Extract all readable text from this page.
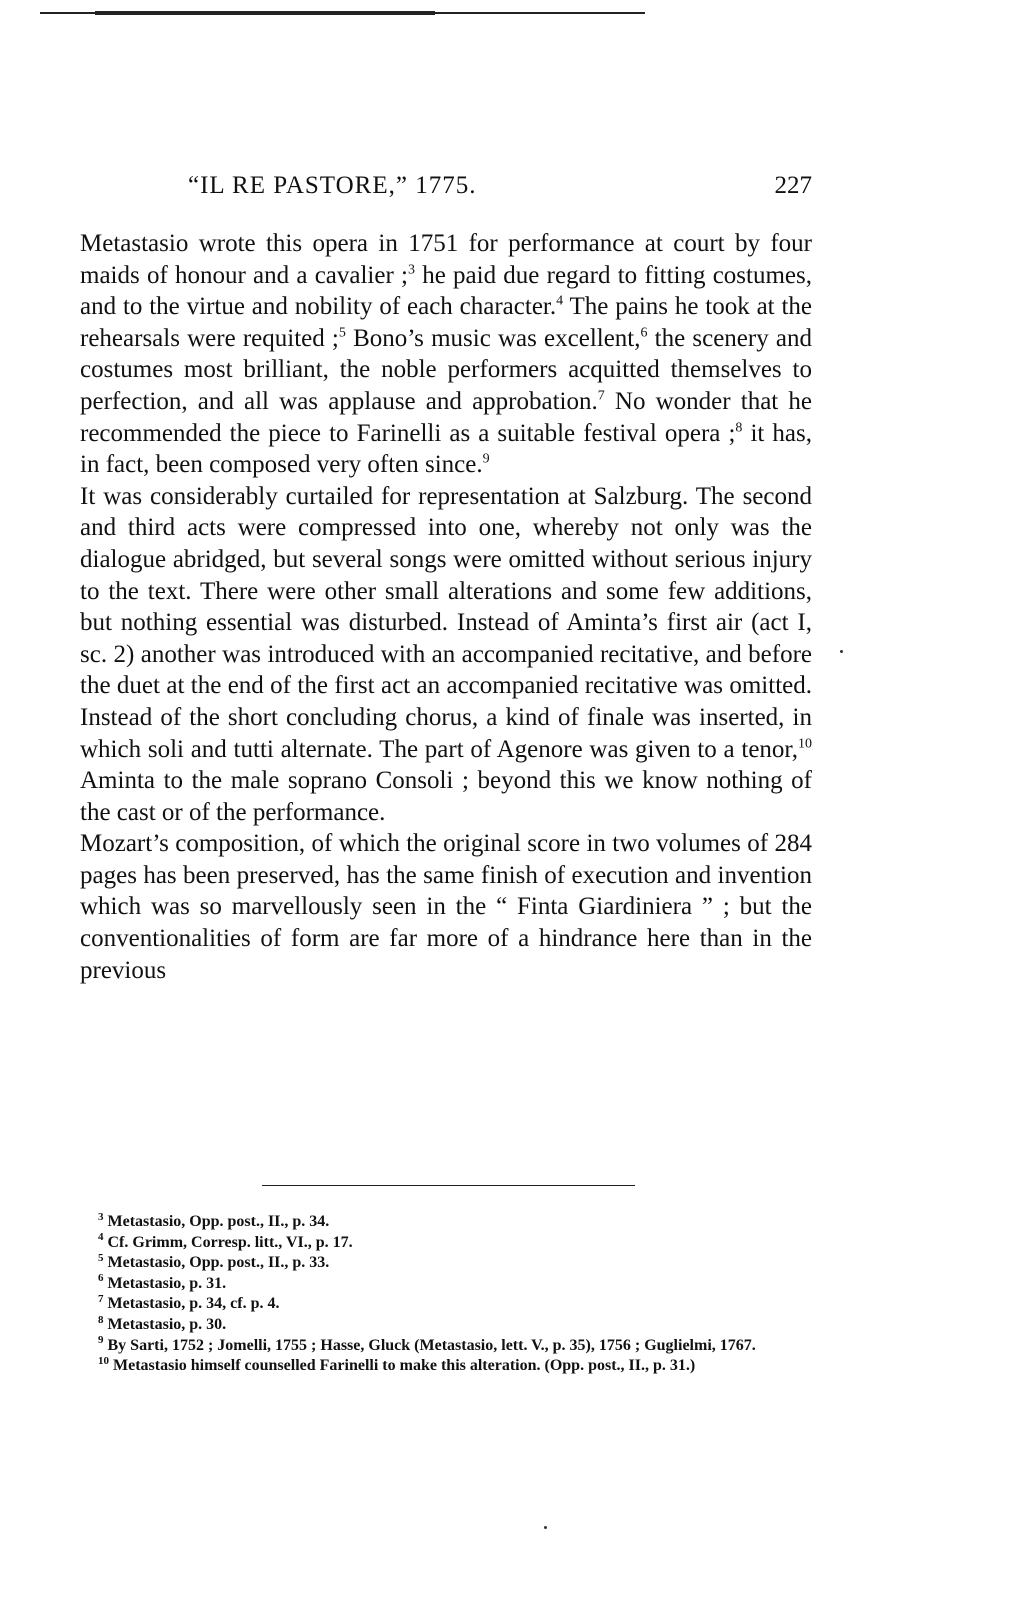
“IL RE PASTORE,” 1775.	227

Metastasio wrote this opera in 1751 for performance at court by four maids of honour and a cavalier ;$^3$ he paid due regard to fitting costumes, and to the virtue and nobility of each character.$^4$ The pains he took at the rehearsals were requited ;$^5$ Bono’s music was excellent,$^6$ the scenery and costumes most brilliant, the noble performers acquitted themselves to perfection, and all was applause and approbation.$^7$ No wonder that he recommended the piece to Farinelli as a suitable festival opera ;$^8$ it has, in fact, been composed very often since.$^9$

It was considerably curtailed for representation at Salzburg. The second and third acts were compressed into one, whereby not only was the dialogue abridged, but several songs were omitted without serious injury to the text. There were other small alterations and some few additions, but nothing essential was disturbed. Instead of Aminta’s first air (act I, sc. 2) another was introduced with an accompanied recitative, and before the duet at the end of the first act an accompanied recitative was omitted. Instead of the short concluding chorus, a kind of finale was inserted, in which soli and tutti alternate. The part of Agenore was given to a tenor,$^{10}$ Aminta to the male soprano Consoli ; beyond this we know nothing of the cast or of the performance.

Mozart’s composition, of which the original score in two volumes of 284 pages has been preserved, has the same finish of execution and invention which was so marvellously seen in the “ Finta Giardiniera ” ; but the conventionalities of form are far more of a hindrance here than in the previous

$^3$ Metastasio, Opp. post., II., p. 34.

$^4$ Cf. Grimm, Corresp. litt., VI., p. 17.

$^5$ Metastasio, Opp. post., II., p. 33.

$^6$ Metastasio, p. 31.

$^7$ Metastasio, p. 34, cf. p. 4.

$^8$ Metastasio, p. 30.

$^9$ By Sarti, 1752 ; Jomelli, 1755 ; Hasse, Gluck (Metastasio, lett. V., p. 35), 1756 ; Guglielmi, 1767.

$^{10}$ Metastasio himself counselled Farinelli to make this alteration. (Opp. post., II., p. 31.)
